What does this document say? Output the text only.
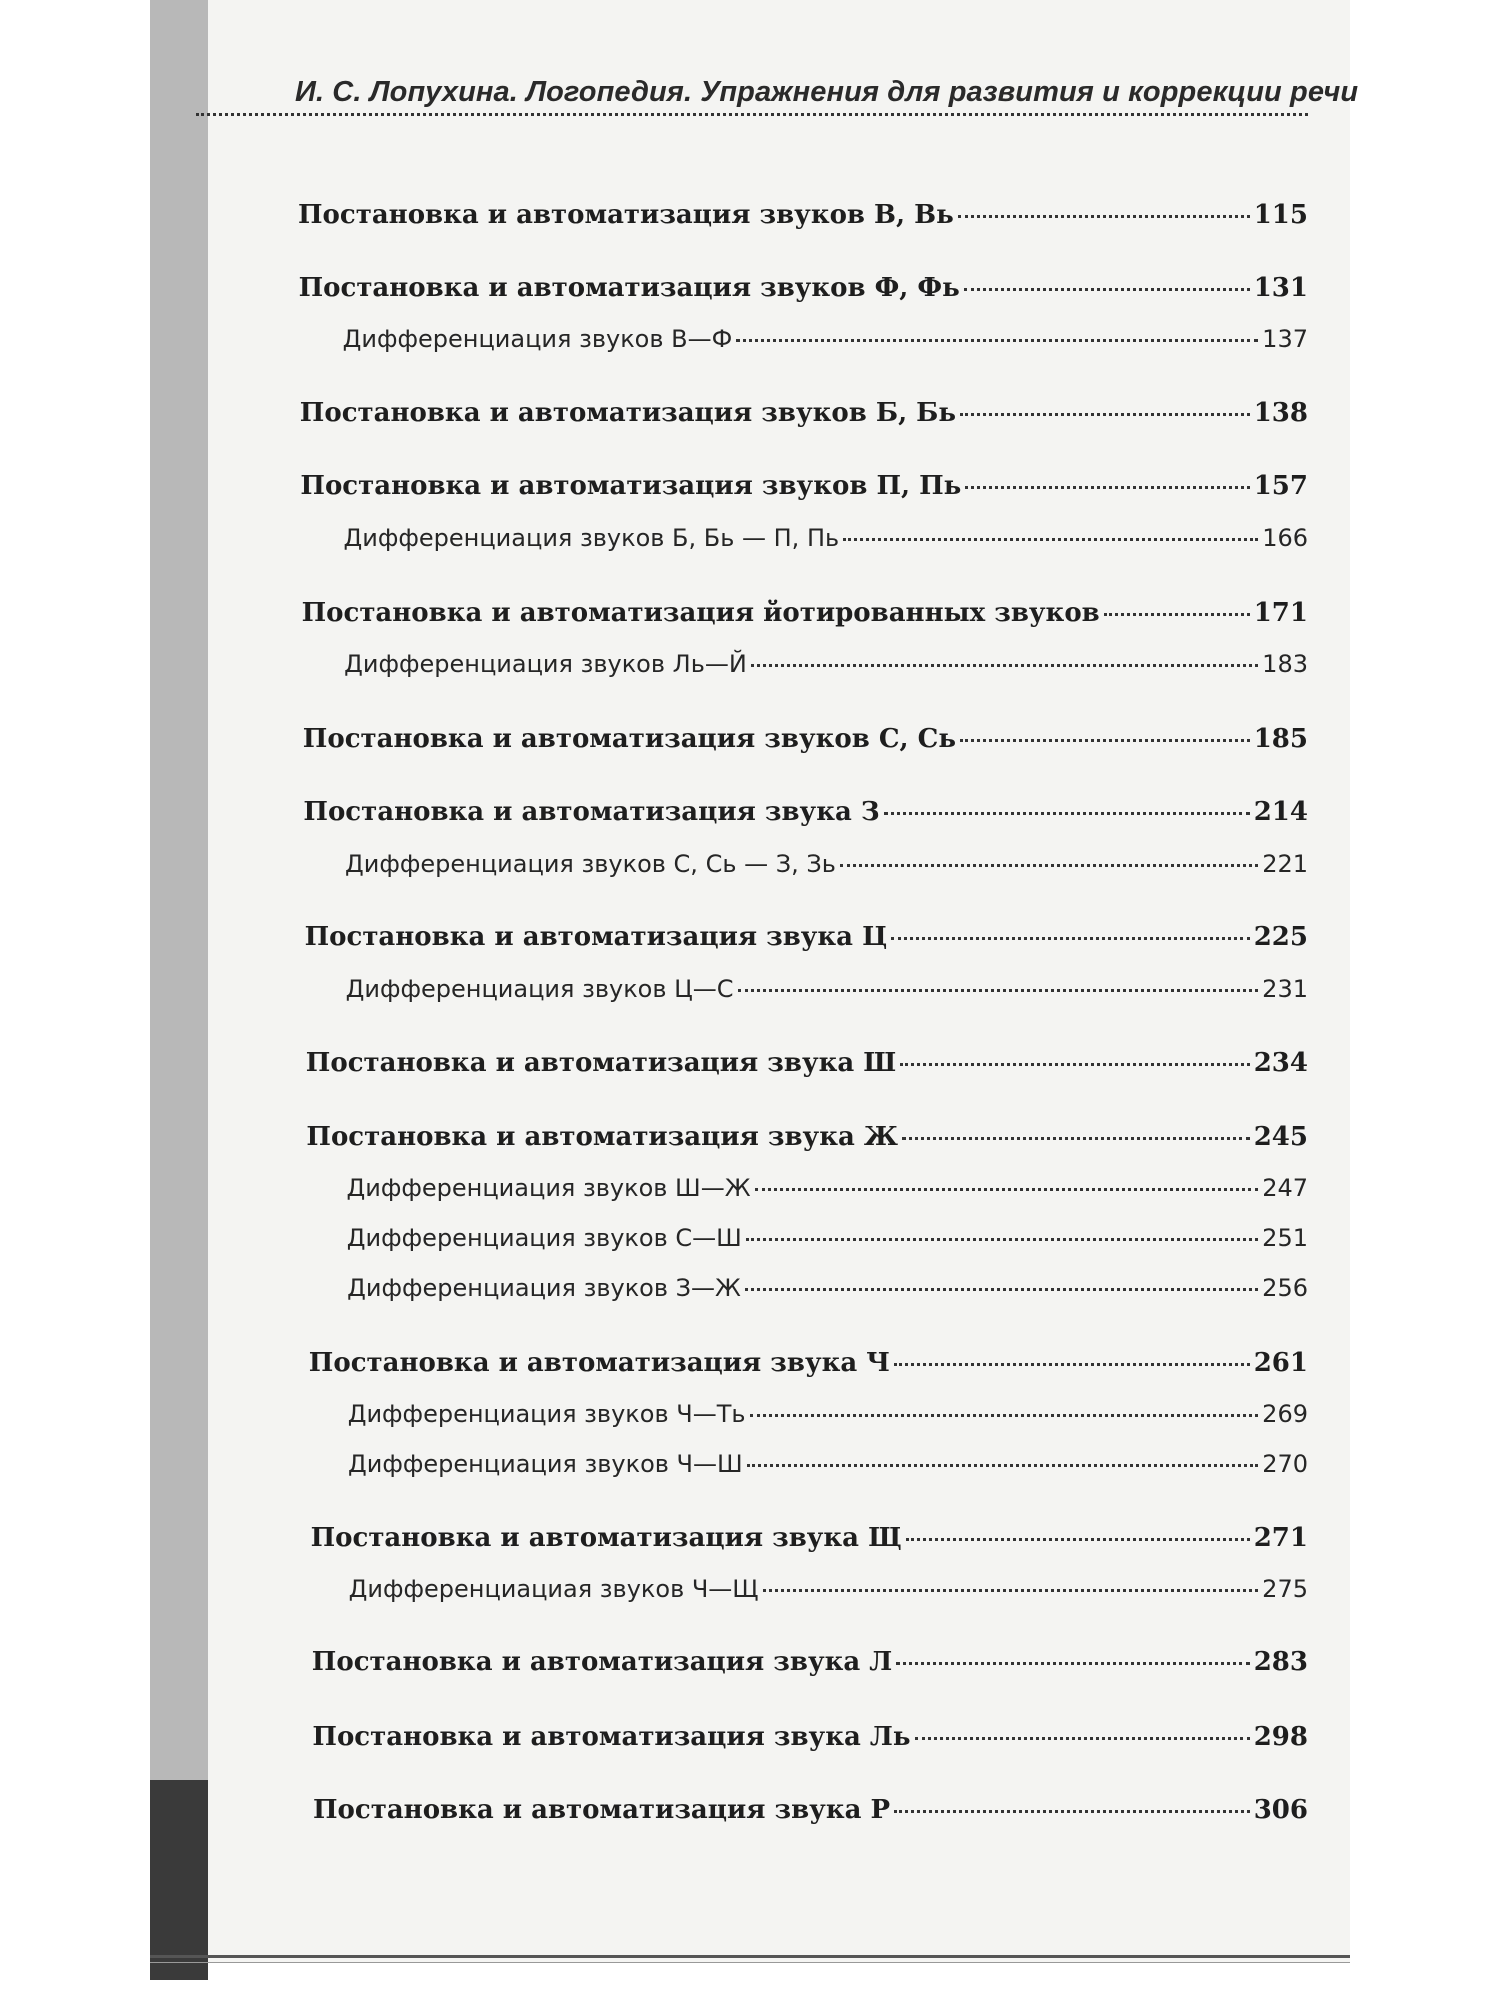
И. С. Лопухина. Логопедия. Упражнения для развития и коррекции речи
Постановка и автоматизация звуков В, Вь	115
Постановка и автоматизация звуков Ф, Фь	131
Дифференциация звуков В—Ф	137
Постановка и автоматизация звуков Б, Бь	138
Постановка и автоматизация звуков П, Пь	157
Дифференциация звуков Б, Бь — П, Пь	166
Постановка и автоматизация йотированных звуков	171
Дифференциация звуков Ль—Й	183
Постановка и автоматизация звуков С, Сь	185
Постановка и автоматизация звука З	214
Дифференциация звуков С, Сь — З, Зь	221
Постановка и автоматизация звука Ц	225
Дифференциация звуков Ц—С	231
Постановка и автоматизация звука Ш	234
Постановка и автоматизация звука Ж	245
Дифференциация звуков Ш—Ж	247
Дифференциация звуков С—Ш	251
Дифференциация звуков З—Ж	256
Постановка и автоматизация звука Ч	261
Дифференциация звуков Ч—Ть	269
Дифференциация звуков Ч—Ш	270
Постановка и автоматизация звука Щ	271
Дифференциациая звуков Ч—Щ	275
Постановка и автоматизация звука Л	283
Постановка и автоматизация звука Ль	298
Постановка и автоматизация звука Р	306
